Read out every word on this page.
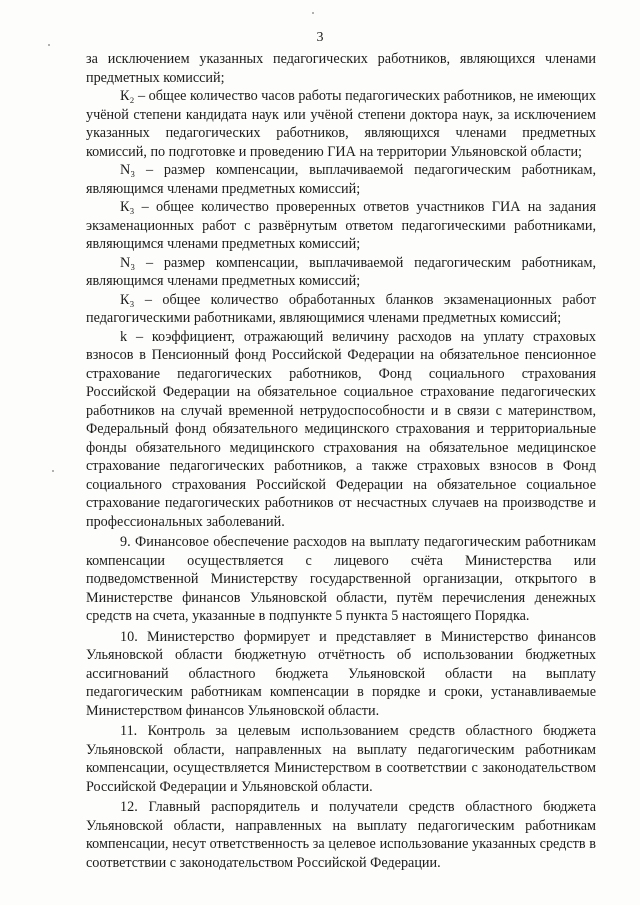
3

за исключением указанных педагогических работников, являющихся членами предметных комиссий;

К₂ – общее количество часов работы педагогических работников, не имеющих учёной степени кандидата наук или учёной степени доктора наук, за исключением указанных педагогических работников, являющихся членами предметных комиссий, по подготовке и проведению ГИА на территории Ульяновской области;

N₃ – размер компенсации, выплачиваемой педагогическим работникам, являющимся членами предметных комиссий;

К₃ – общее количество проверенных ответов участников ГИА на задания экзаменационных работ с развёрнутым ответом педагогическими работниками, являющимся членами предметных комиссий;

N₃ – размер компенсации, выплачиваемой педагогическим работникам, являющимся членами предметных комиссий;

К₃ – общее количество обработанных бланков экзаменационных работ педагогическими работниками, являющимися членами предметных комиссий;

k – коэффициент, отражающий величину расходов на уплату страховых взносов в Пенсионный фонд Российской Федерации на обязательное пенсионное страхование педагогических работников, Фонд социального страхования Российской Федерации на обязательное социальное страхование педагогических работников на случай временной нетрудоспособности и в связи с материнством, Федеральный фонд обязательного медицинского страхования и территориальные фонды обязательного медицинского страхования на обязательное медицинское страхование педагогических работников, а также страховых взносов в Фонд социального страхования Российской Федерации на обязательное социальное страхование педагогических работников от несчастных случаев на производстве и профессиональных заболеваний.

9. Финансовое обеспечение расходов на выплату педагогическим работникам компенсации осуществляется с лицевого счёта Министерства или подведомственной Министерству государственной организации, открытого в Министерстве финансов Ульяновской области, путём перечисления денежных средств на счета, указанные в подпункте 5 пункта 5 настоящего Порядка.

10. Министерство формирует и представляет в Министерство финансов Ульяновской области бюджетную отчётность об использовании бюджетных ассигнований областного бюджета Ульяновской области на выплату педагогическим работникам компенсации в порядке и сроки, устанавливаемые Министерством финансов Ульяновской области.

11. Контроль за целевым использованием средств областного бюджета Ульяновской области, направленных на выплату педагогическим работникам компенсации, осуществляется Министерством в соответствии с законодательством Российской Федерации и Ульяновской области.

12. Главный распорядитель и получатели средств областного бюджета Ульяновской области, направленных на выплату педагогическим работникам компенсации, несут ответственность за целевое использование указанных средств в соответствии с законодательством Российской Федерации.
